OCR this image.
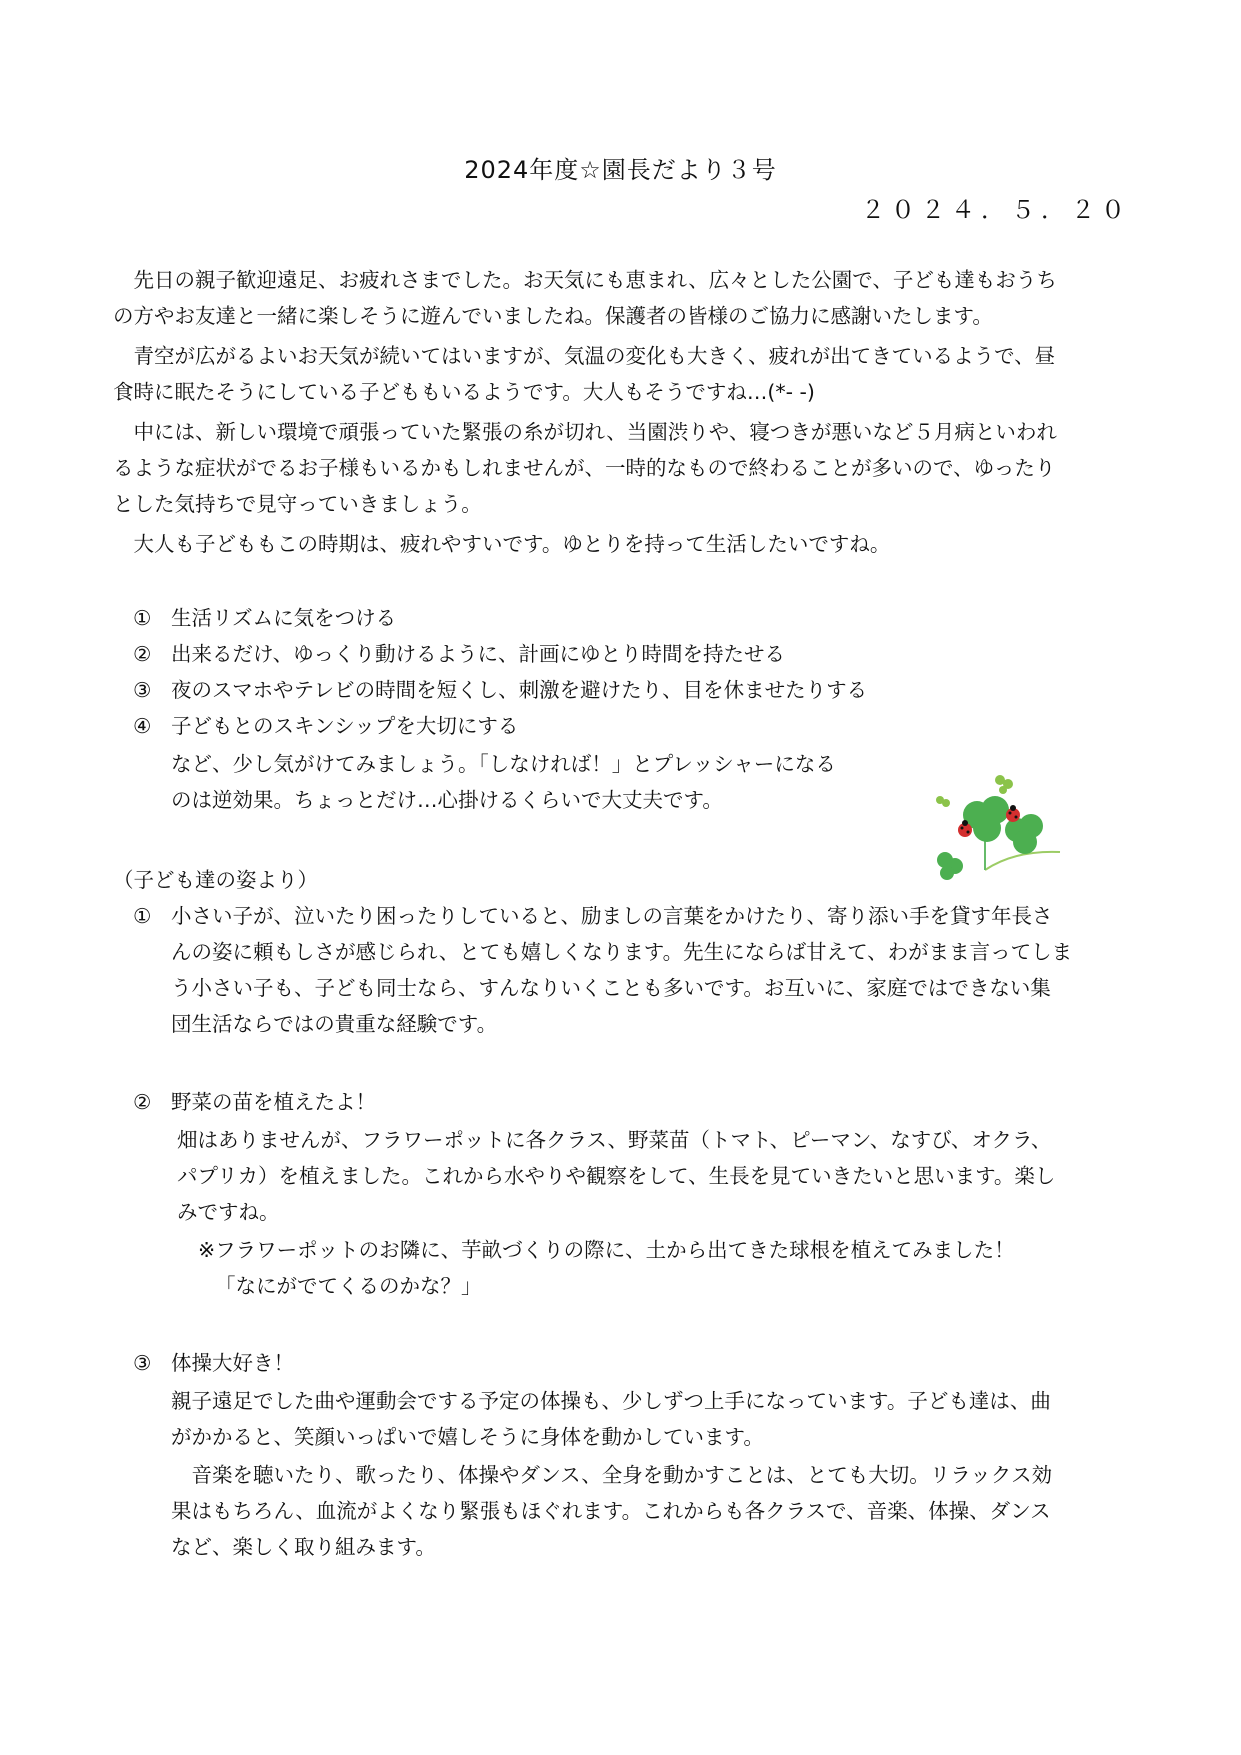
2024年度☆園長だより３号
２０２４．５．２０
　先日の親子歓迎遠足、お疲れさまでした。お天気にも恵まれ、広々とした公園で、子ども達もおうち
の方やお友達と一緒に楽しそうに遊んでいましたね。保護者の皆様のご協力に感謝いたします。
　青空が広がるよいお天気が続いてはいますが、気温の変化も大きく、疲れが出てきているようで、昼
食時に眠たそうにしている子どももいるようです。大人もそうですね…(*- -)
　中には、新しい環境で頑張っていた緊張の糸が切れ、当園渋りや、寝つきが悪いなど５月病といわれ
るような症状がでるお子様もいるかもしれませんが、一時的なもので終わることが多いので、ゆったり
とした気持ちで見守っていきましょう。
　大人も子どももこの時期は、疲れやすいです。ゆとりを持って生活したいですね。
① 生活リズムに気をつける
② 出来るだけ、ゆっくり動けるように、計画にゆとり時間を持たせる
③ 夜のスマホやテレビの時間を短くし、刺激を避けたり、目を休ませたりする
④ 子どもとのスキンシップを大切にする
など、少し気がけてみましょう。「しなければ！」とプレッシャーになる
のは逆効果。ちょっとだけ…心掛けるくらいで大丈夫です。
（子ども達の姿より）
① 小さい子が、泣いたり困ったりしていると、励ましの言葉をかけたり、寄り添い手を貸す年長さ
んの姿に頼もしさが感じられ、とても嬉しくなります。先生にならば甘えて、わがまま言ってしま
う小さい子も、子ども同士なら、すんなりいくことも多いです。お互いに、家庭ではできない集
団生活ならではの貴重な経験です。
② 野菜の苗を植えたよ！
畑はありませんが、フラワーポットに各クラス、野菜苗（トマト、ピーマン、なすび、オクラ、
パプリカ）を植えました。これから水やりや観察をして、生長を見ていきたいと思います。楽し
みですね。
※フラワーポットのお隣に、芋畝づくりの際に、土から出てきた球根を植えてみました！
「なにがでてくるのかな？」
③ 体操大好き！
親子遠足でした曲や運動会でする予定の体操も、少しずつ上手になっています。子ども達は、曲
がかかると、笑顔いっぱいで嬉しそうに身体を動かしています。
　音楽を聴いたり、歌ったり、体操やダンス、全身を動かすことは、とても大切。リラックス効
果はもちろん、血流がよくなり緊張もほぐれます。これからも各クラスで、音楽、体操、ダンス
など、楽しく取り組みます。
